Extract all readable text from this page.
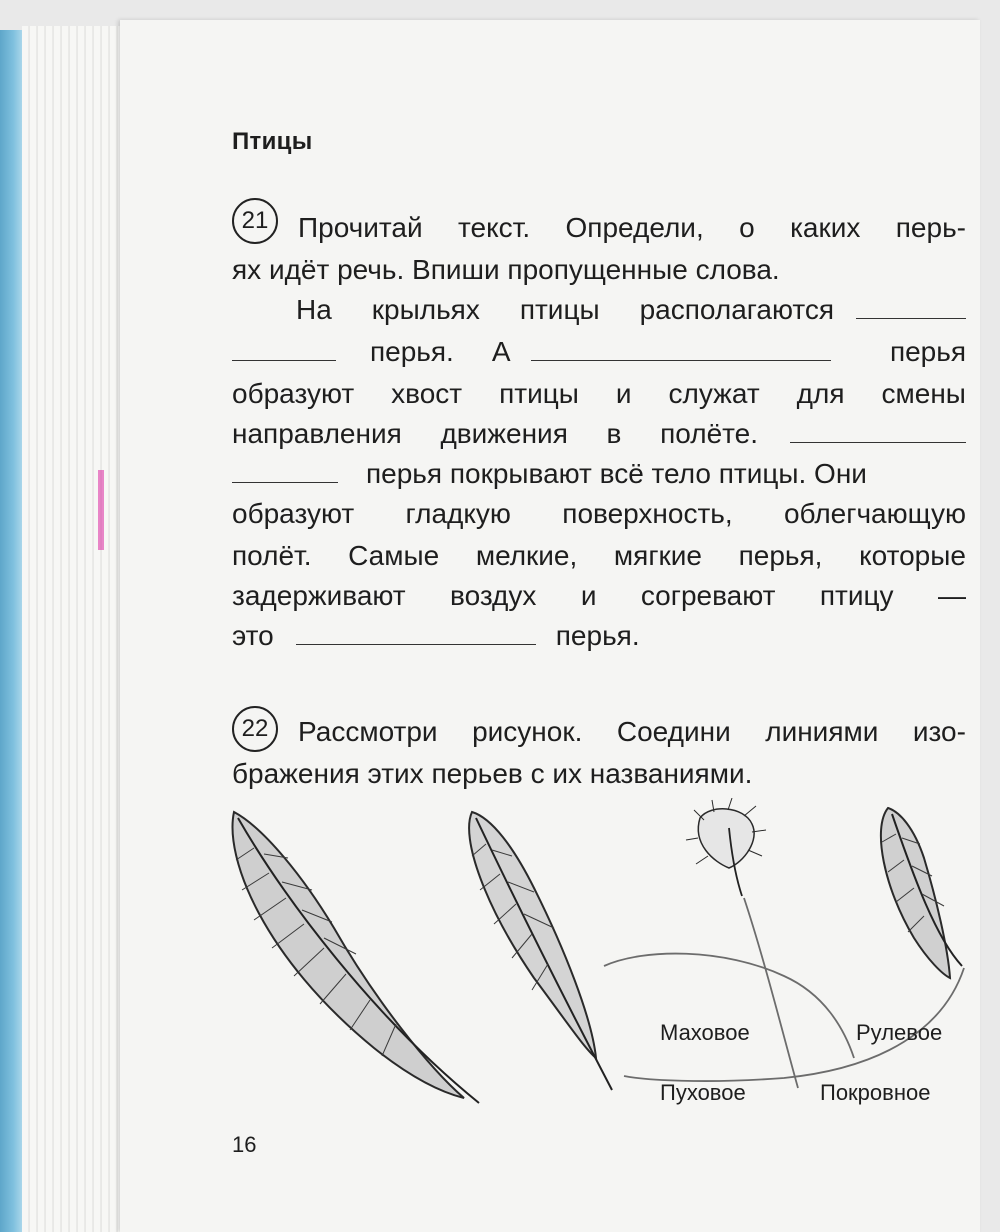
Птицы
21	Прочитай текст. Определи, о каких перь-
ях идёт речь. Впиши пропущенные слова.
На крыльях птицы располагаются
перья. А	перья
образуют хвост птицы и служат для смены
направления движения в полёте.
перья покрывают всё тело птицы. Они
образуют гладкую поверхность, облегчающую
полёт. Самые мелкие, мягкие перья, которые
задерживают воздух и согревают птицу —
это	перья.
22	Рассмотри рисунок. Соедини линиями изо-
бражения этих перьев с их названиями.
Маховое	Рулевое
Пуховое	Покровное
16
